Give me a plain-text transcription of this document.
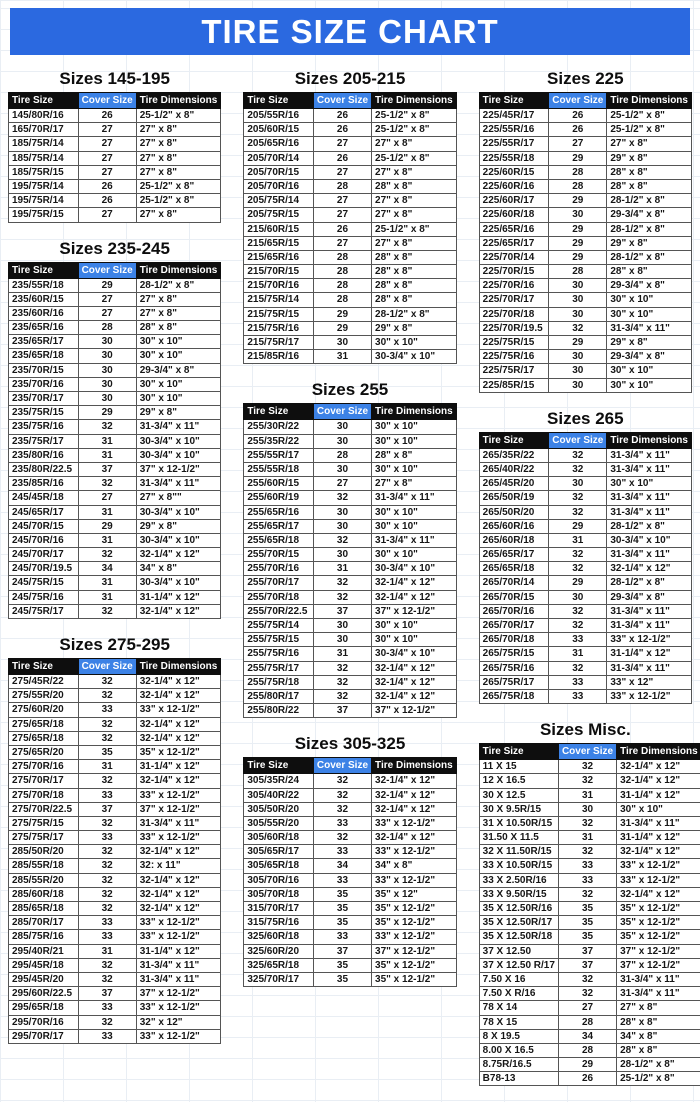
TIRE SIZE CHART
Sizes 145-195
Tire Size	Cover Size	Tire Dimensions
145/80R/16	26	25-1/2" x 8"
165/70R/17	27	27" x 8"
185/75R/14	27	27" x 8"
185/75R/14	27	27" x 8"
185/75R/15	27	27" x 8"
195/75R/14	26	25-1/2" x 8"
195/75R/14	26	25-1/2" x 8"
195/75R/15	27	27" x 8"
Sizes 235-245
Tire Size	Cover Size	Tire Dimensions
235/55R/18	29	28-1/2" x 8"
235/60R/15	27	27" x 8"
235/60R/16	27	27" x 8"
235/65R/16	28	28" x 8"
235/65R/17	30	30" x 10"
235/65R/18	30	30" x 10"
235/70R/15	30	29-3/4" x 8"
235/70R/16	30	30" x 10"
235/70R/17	30	30" x 10"
235/75R/15	29	29" x 8"
235/75R/16	32	31-3/4" x 11"
235/75R/17	31	30-3/4" x 10"
235/80R/16	31	30-3/4" x 10"
235/80R/22.5	37	37" x 12-1/2"
235/85R/16	32	31-3/4" x 11"
245/45R/18	27	27" x 8""
245/65R/17	31	30-3/4" x 10"
245/70R/15	29	29" x 8"
245/70R/16	31	30-3/4" x 10"
245/70R/17	32	32-1/4" x 12"
245/70R/19.5	34	34" x 8"
245/75R/15	31	30-3/4" x 10"
245/75R/16	31	31-1/4" x 12"
245/75R/17	32	32-1/4" x 12"
Sizes 275-295
Tire Size	Cover Size	Tire Dimensions
275/45R/22	32	32-1/4" x 12"
275/55R/20	32	32-1/4" x 12"
275/60R/20	33	33" x 12-1/2"
275/65R/18	32	32-1/4" x 12"
275/65R/18	32	32-1/4" x 12"
275/65R/20	35	35" x 12-1/2"
275/70R/16	31	31-1/4" x 12"
275/70R/17	32	32-1/4" x 12"
275/70R/18	33	33" x 12-1/2"
275/70R/22.5	37	37" x 12-1/2"
275/75R/15	32	31-3/4" x 11"
275/75R/17	33	33" x 12-1/2"
285/50R/20	32	32-1/4" x 12"
285/55R/18	32	32: x 11"
285/55R/20	32	32-1/4" x 12"
285/60R/18	32	32-1/4" x 12"
285/65R/18	32	32-1/4" x 12"
285/70R/17	33	33" x 12-1/2"
285/75R/16	33	33" x 12-1/2"
295/40R/21	31	31-1/4" x 12"
295/45R/18	32	31-3/4" x 11"
295/45R/20	32	31-3/4" x 11"
295/60R/22.5	37	37" x 12-1/2"
295/65R/18	33	33" x 12-1/2"
295/70R/16	32	32" x 12"
295/70R/17	33	33" x 12-1/2"
Sizes 205-215
Tire Size	Cover Size	Tire Dimensions
205/55R/16	26	25-1/2" x 8"
205/60R/15	26	25-1/2" x 8"
205/65R/16	27	27" x 8"
205/70R/14	26	25-1/2" x 8"
205/70R/15	27	27" x 8"
205/70R/16	28	28" x 8"
205/75R/14	27	27" x 8"
205/75R/15	27	27" x 8"
215/60R/15	26	25-1/2" x 8"
215/65R/15	27	27" x 8"
215/65R/16	28	28" x 8"
215/70R/15	28	28" x 8"
215/70R/16	28	28" x 8"
215/75R/14	28	28" x 8"
215/75R/15	29	28-1/2" x 8"
215/75R/16	29	29" x 8"
215/75R/17	30	30" x 10"
215/85R/16	31	30-3/4" x 10"
Sizes 255
Tire Size	Cover Size	Tire Dimensions
255/30R/22	30	30" x 10"
255/35R/22	30	30" x 10"
255/55R/17	28	28" x 8"
255/55R/18	30	30" x 10"
255/60R/15	27	27" x 8"
255/60R/19	32	31-3/4" x 11"
255/65R/16	30	30" x 10"
255/65R/17	30	30" x 10"
255/65R/18	32	31-3/4" x 11"
255/70R/15	30	30" x 10"
255/70R/16	31	30-3/4" x 10"
255/70R/17	32	32-1/4" x 12"
255/70R/18	32	32-1/4" x 12"
255/70R/22.5	37	37" x 12-1/2"
255/75R/14	30	30" x 10"
255/75R/15	30	30" x 10"
255/75R/16	31	30-3/4" x 10"
255/75R/17	32	32-1/4" x 12"
255/75R/18	32	32-1/4" x 12"
255/80R/17	32	32-1/4" x 12"
255/80R/22	37	37" x 12-1/2"
Sizes 305-325
Tire Size	Cover Size	Tire Dimensions
305/35R/24	32	32-1/4" x 12"
305/40R/22	32	32-1/4" x 12"
305/50R/20	32	32-1/4" x 12"
305/55R/20	33	33" x 12-1/2"
305/60R/18	32	32-1/4" x 12"
305/65R/17	33	33" x 12-1/2"
305/65R/18	34	34" x 8"
305/70R/16	33	33" x 12-1/2"
305/70R/18	35	35" x 12"
315/70R/17	35	35" x 12-1/2"
315/75R/16	35	35" x 12-1/2"
325/60R/18	33	33" x 12-1/2"
325/60R/20	37	37" x 12-1/2"
325/65R/18	35	35" x 12-1/2"
325/70R/17	35	35" x 12-1/2"
Sizes 225
Tire Size	Cover Size	Tire Dimensions
225/45R/17	26	25-1/2" x 8"
225/55R/16	26	25-1/2" x 8"
225/55R/17	27	27" x 8"
225/55R/18	29	29" x 8"
225/60R/15	28	28" x 8"
225/60R/16	28	28" x 8"
225/60R/17	29	28-1/2" x 8"
225/60R/18	30	29-3/4" x 8"
225/65R/16	29	28-1/2" x 8"
225/65R/17	29	29" x 8"
225/70R/14	29	28-1/2" x 8"
225/70R/15	28	28" x 8"
225/70R/16	30	29-3/4" x 8"
225/70R/17	30	30" x 10"
225/70R/18	30	30" x 10"
225/70R/19.5	32	31-3/4" x 11"
225/75R/15	29	29" x 8"
225/75R/16	30	29-3/4" x 8"
225/75R/17	30	30" x 10"
225/85R/15	30	30" x 10"
Sizes 265
Tire Size	Cover Size	Tire Dimensions
265/35R/22	32	31-3/4" x 11"
265/40R/22	32	31-3/4" x 11"
265/45R/20	30	30" x 10"
265/50R/19	32	31-3/4" x 11"
265/50R/20	32	31-3/4" x 11"
265/60R/16	29	28-1/2" x 8"
265/60R/18	31	30-3/4" x 10"
265/65R/17	32	31-3/4" x 11"
265/65R/18	32	32-1/4" x 12"
265/70R/14	29	28-1/2" x 8"
265/70R/15	30	29-3/4" x 8"
265/70R/16	32	31-3/4" x 11"
265/70R/17	32	31-3/4" x 11"
265/70R/18	33	33" x 12-1/2"
265/75R/15	31	31-1/4" x 12"
265/75R/16	32	31-3/4" x 11"
265/75R/17	33	33" x 12"
265/75R/18	33	33" x 12-1/2"
Sizes Misc.
Tire Size	Cover Size	Tire Dimensions
11 X 15	32	32-1/4" x 12"
12 X 16.5	32	32-1/4" x 12"
30 X 12.5	31	31-1/4" x 12"
30 X 9.5R/15	30	30" x 10"
31 X 10.50R/15	32	31-3/4" x 11"
31.50 X 11.5	31	31-1/4" x 12"
32 X 11.50R/15	32	32-1/4" x 12"
33 X 10.50R/15	33	33" x 12-1/2"
33 X 2.50R/16	33	33" x 12-1/2"
33 X 9.50R/15	32	32-1/4" x 12"
35 X 12.50R/16	35	35" x 12-1/2"
35 X 12.50R/17	35	35" x 12-1/2"
35 X 12.50R/18	35	35" x 12-1/2"
37 X 12.50	37	37" x 12-1/2"
37 X 12.50 R/17	37	37" x 12-1/2"
7.50 X 16	32	31-3/4" x 11"
7.50 X R/16	32	31-3/4" x 11"
78 X 14	27	27" x 8"
78 X 15	28	28" x 8"
8 X 19.5	34	34" x 8"
8.00 X 16.5	28	28" x 8"
8.75R/16.5	29	28-1/2" x 8"
B78-13	26	25-1/2" x 8"
